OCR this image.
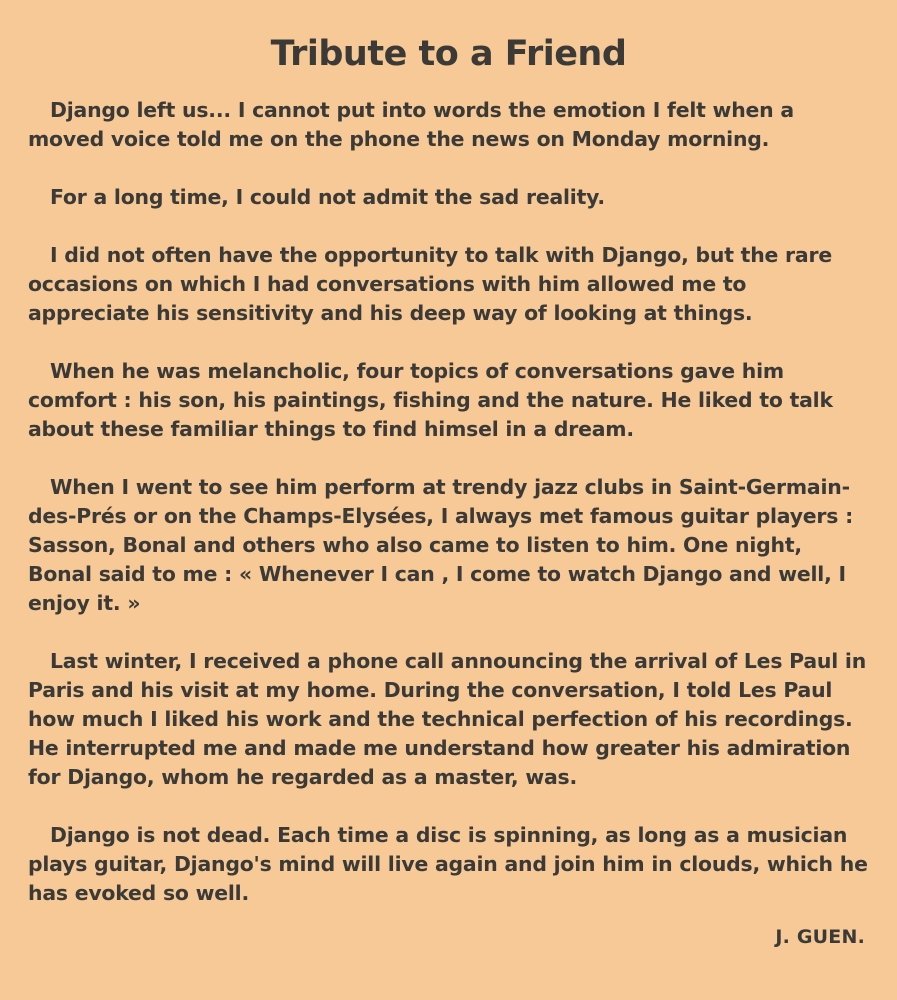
Tribute to a Friend

Django left us... I cannot put into words the emotion I felt when a moved voice told me on the phone the news on Monday morning.

For a long time, I could not admit the sad reality.

I did not often have the opportunity to talk with Django, but the rare occasions on which I had conversations with him allowed me to appreciate his sensitivity and his deep way of looking at things.

When he was melancholic, four topics of conversations gave him comfort : his son, his paintings, fishing and the nature. He liked to talk about these familiar things to find himsel in a dream.

When I went to see him perform at trendy jazz clubs in Saint-Germain-des-Prés or on the Champs-Elysées, I always met famous guitar players : Sasson, Bonal and others who also came to listen to him. One night, Bonal said to me : « Whenever I can , I come to watch Django and well, I enjoy it. »

Last winter, I received a phone call announcing the arrival of Les Paul in Paris and his visit at my home. During the conversation, I told Les Paul how much I liked his work and the technical perfection of his recordings. He interrupted me and made me understand how greater his admiration for Django, whom he regarded as a master, was.

Django is not dead. Each time a disc is spinning, as long as a musician plays guitar, Django's mind will live again and join him in clouds, which he has evoked so well.

J. GUEN.
